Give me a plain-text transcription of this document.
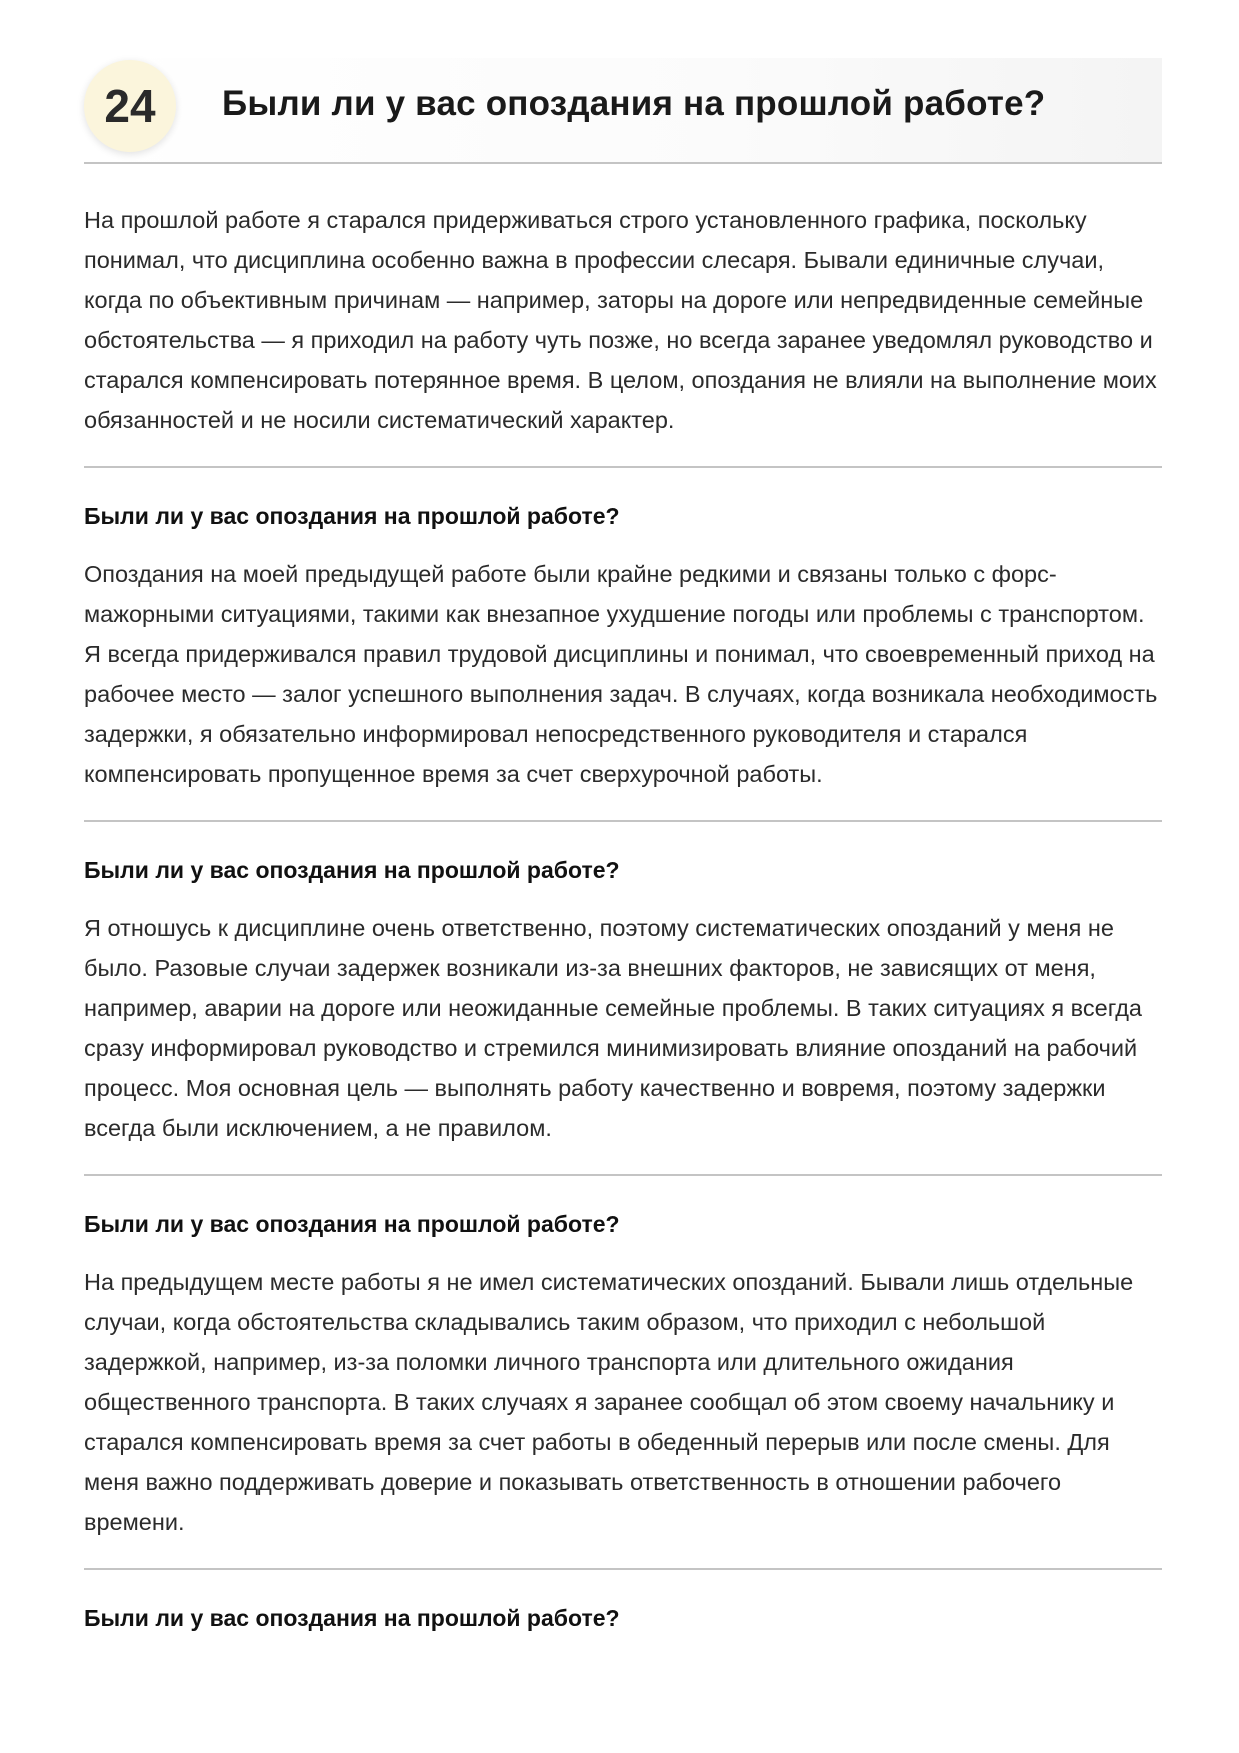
24	Были ли у вас опоздания на прошлой работе?

На прошлой работе я старался придерживаться строго установленного графика, поскольку понимал, что дисциплина особенно важна в профессии слесаря. Бывали единичные случаи, когда по объективным причинам — например, заторы на дороге или непредвиденные семейные обстоятельства — я приходил на работу чуть позже, но всегда заранее уведомлял руководство и старался компенсировать потерянное время. В целом, опоздания не влияли на выполнение моих обязанностей и не носили систематический характер.

Были ли у вас опоздания на прошлой работе?

Опоздания на моей предыдущей работе были крайне редкими и связаны только с форс-мажорными ситуациями, такими как внезапное ухудшение погоды или проблемы с транспортом. Я всегда придерживался правил трудовой дисциплины и понимал, что своевременный приход на рабочее место — залог успешного выполнения задач. В случаях, когда возникала необходимость задержки, я обязательно информировал непосредственного руководителя и старался компенсировать пропущенное время за счет сверхурочной работы.

Были ли у вас опоздания на прошлой работе?

Я отношусь к дисциплине очень ответственно, поэтому систематических опозданий у меня не было. Разовые случаи задержек возникали из-за внешних факторов, не зависящих от меня, например, аварии на дороге или неожиданные семейные проблемы. В таких ситуациях я всегда сразу информировал руководство и стремился минимизировать влияние опозданий на рабочий процесс. Моя основная цель — выполнять работу качественно и вовремя, поэтому задержки всегда были исключением, а не правилом.

Были ли у вас опоздания на прошлой работе?

На предыдущем месте работы я не имел систематических опозданий. Бывали лишь отдельные случаи, когда обстоятельства складывались таким образом, что приходил с небольшой задержкой, например, из-за поломки личного транспорта или длительного ожидания общественного транспорта. В таких случаях я заранее сообщал об этом своему начальнику и старался компенсировать время за счет работы в обеденный перерыв или после смены. Для меня важно поддерживать доверие и показывать ответственность в отношении рабочего времени.

Были ли у вас опоздания на прошлой работе?
